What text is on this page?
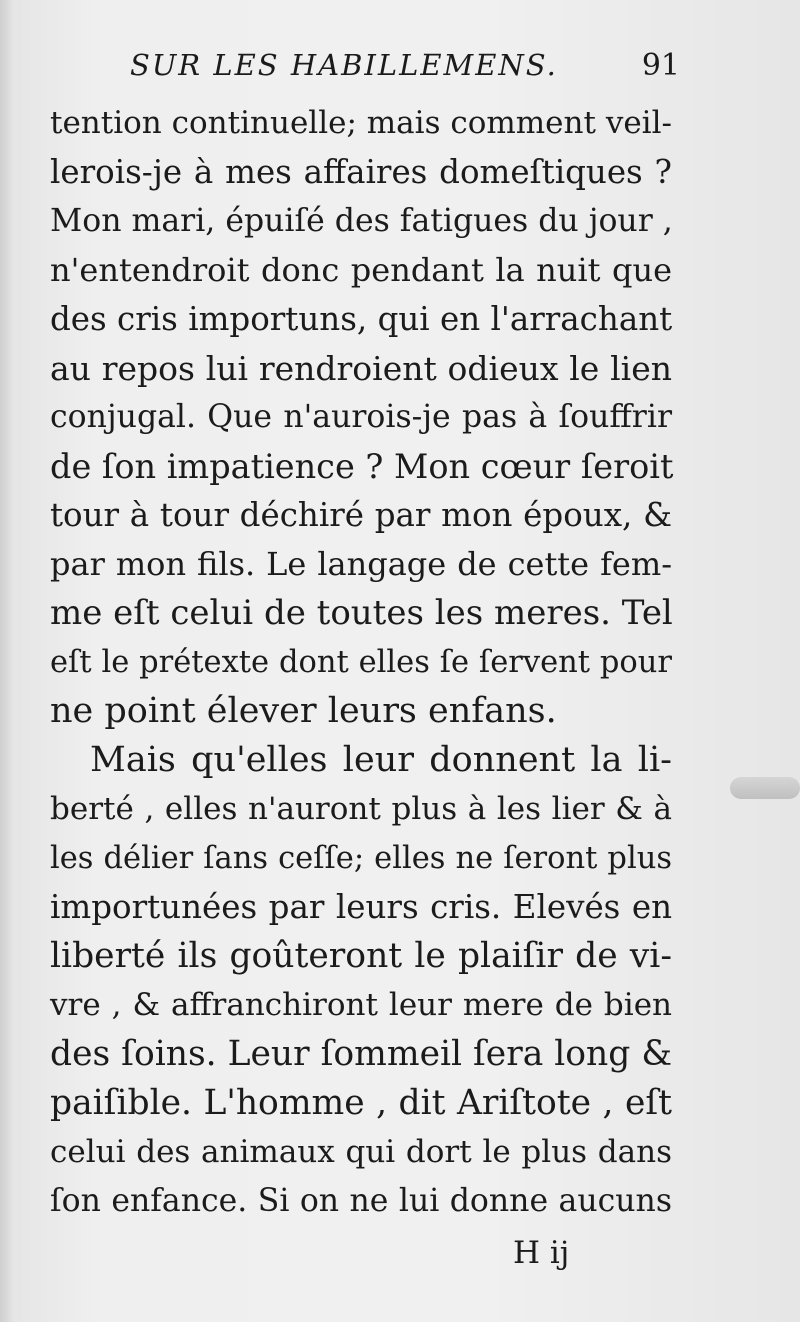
SUR LES HABILLEMENS.	91
tention continuelle; mais comment veil-
lerois-je à mes affaires domeſtiques ?
Mon mari, épuiſé des fatigues du jour ,
n'entendroit donc pendant la nuit que
des cris importuns, qui en l'arrachant
au repos lui rendroient odieux le lien
conjugal. Que n'aurois-je pas à ſouffrir
de ſon impatience ? Mon cœur ſeroit
tour à tour déchiré par mon époux, &
par mon fils. Le langage de cette fem-
me eſt celui de toutes les meres. Tel
eſt le prétexte dont elles ſe ſervent pour
ne point élever leurs enfans.
Mais qu'elles leur donnent la li-
berté , elles n'auront plus à les lier & à
les délier ſans ceſſe; elles ne ſeront plus
importunées par leurs cris. Elevés en
liberté ils goûteront le plaiſir de vi-
vre , & affranchiront leur mere de bien
des ſoins. Leur ſommeil ſera long &
paiſible. L'homme , dit Ariſtote , eſt
celui des animaux qui dort le plus dans
ſon enfance. Si on ne lui donne aucuns
H ij
